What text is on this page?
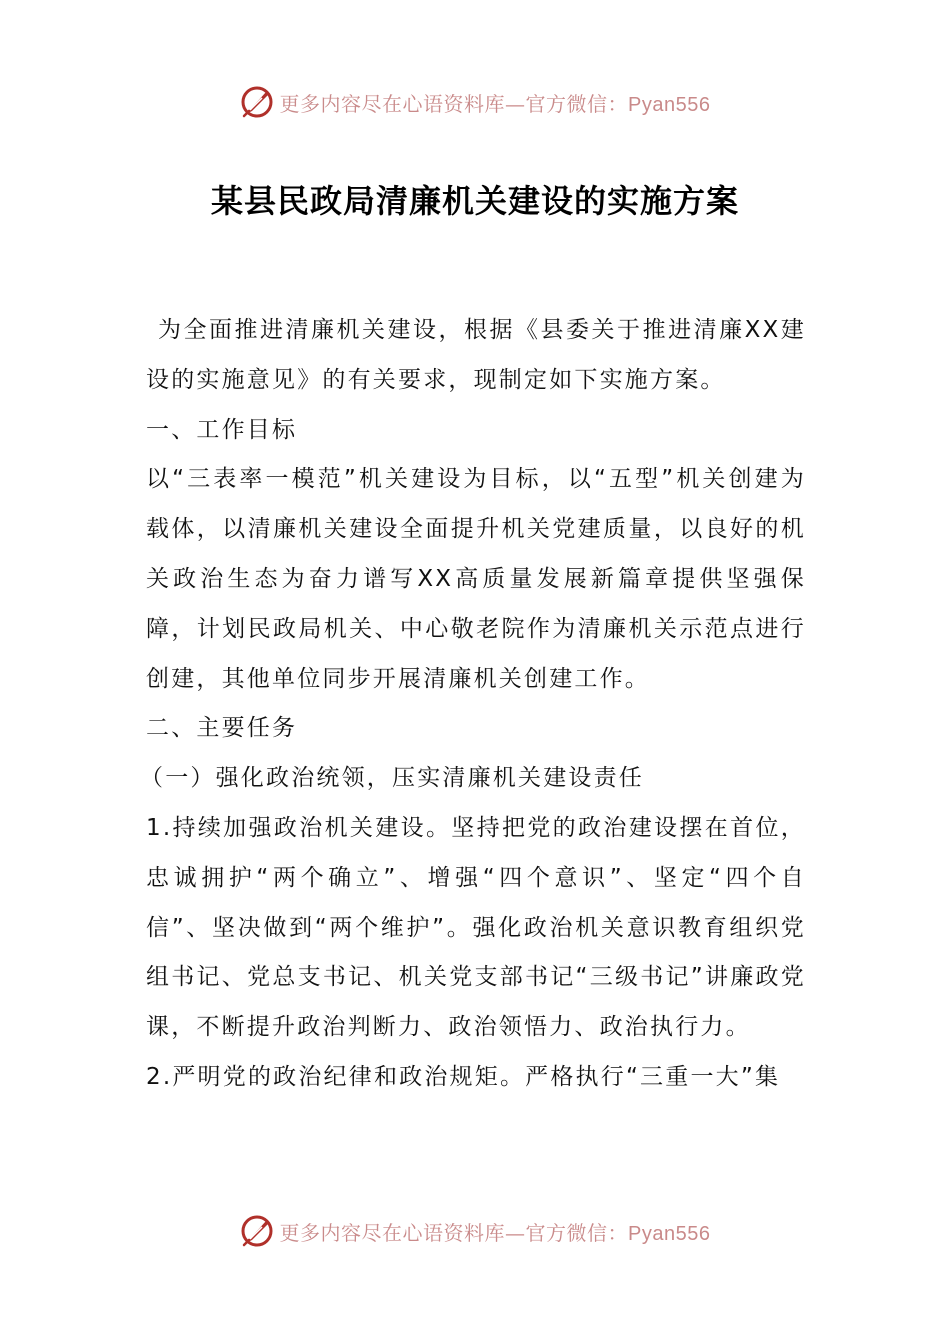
更多内容尽在心语资料库—官方微信：Pyan556
某县民政局清廉机关建设的实施方案

为全面推进清廉机关建设，根据《县委关于推进清廉XX建设的实施意见》的有关要求，现制定如下实施方案。

一、工作目标

以“三表率一模范”机关建设为目标，以“五型”机关创建为载体，以清廉机关建设全面提升机关党建质量，以良好的机关政治生态为奋力谱写XX高质量发展新篇章提供坚强保障，计划民政局机关、中心敬老院作为清廉机关示范点进行创建，其他单位同步开展清廉机关创建工作。

二、主要任务

（一）强化政治统领，压实清廉机关建设责任

1.持续加强政治机关建设。坚持把党的政治建设摆在首位，忠诚拥护“两个确立”、增强“四个意识”、坚定“四个自信”、坚决做到“两个维护”。强化政治机关意识教育组织党组书记、党总支书记、机关党支部书记“三级书记”讲廉政党课，不断提升政治判断力、政治领悟力、政治执行力。

2.严明党的政治纪律和政治规矩。严格执行“三重一大”集

更多内容尽在心语资料库—官方微信：Pyan556
